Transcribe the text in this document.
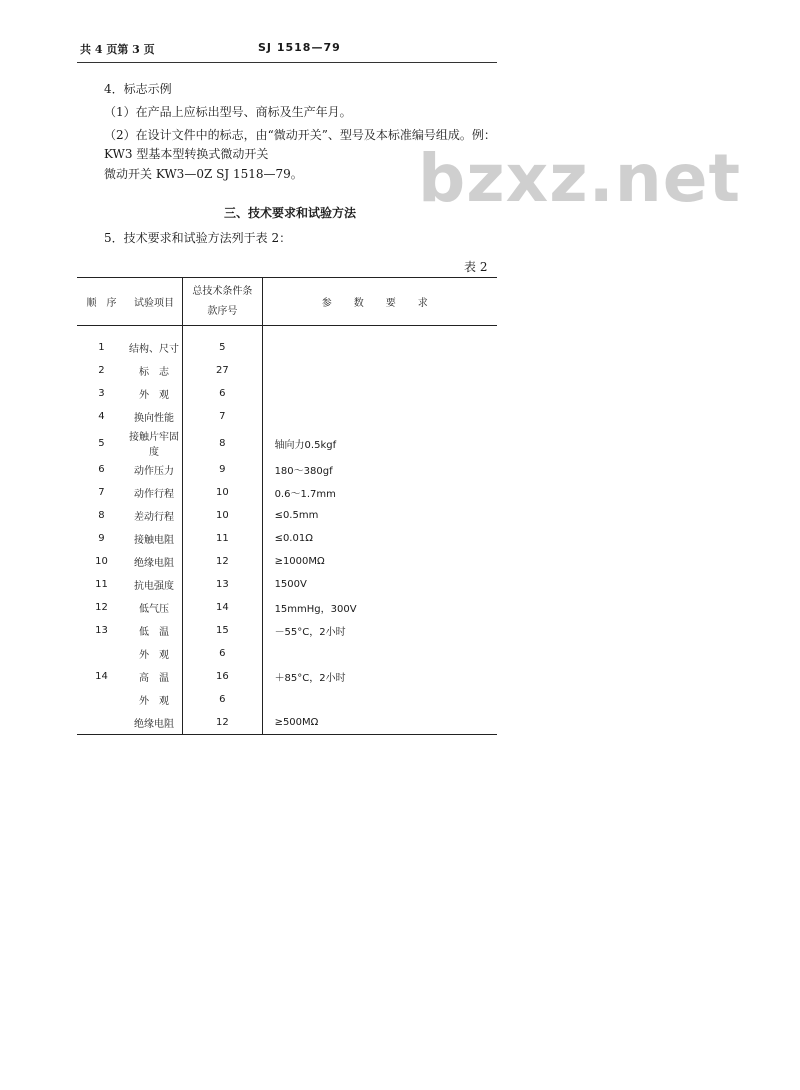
共 4 页第 3 页	SJ 1518—79
4．标志示例
（1）在产品上应标出型号、商标及生产年月。
（2）在设计文件中的标志，由“微动开关”、型号及本标准编号组成。例：
KW3 型基本型转换式微动开关
微动开关 KW3—0Z SJ 1518—79。 bzxz.net
三、技术要求和试验方法
5．技术要求和试验方法列于表 2：
表 2
顺　序	试验项目	总技术条件条款序号	参数要求
1	结构、尺寸	5	
2	标　志	27	
3	外　观	6	
4	换向性能	7	
5	接触片牢固度	8	轴向力0.5kgf
6	动作压力	9	180～380gf
7	动作行程	10	0.6～1.7mm
8	差动行程	10	≤0.5mm
9	接触电阻	11	≤0.01Ω
10	绝缘电阻	12	≥1000MΩ
11	抗电强度	13	1500V
12	低气压	14	15mmHg，300V
13	低　温	15	－55°C，2小时
	外　观	6	
14	高　温	16	＋85°C，2小时
	外　观	6	
	绝缘电阻	12	≥500MΩ
